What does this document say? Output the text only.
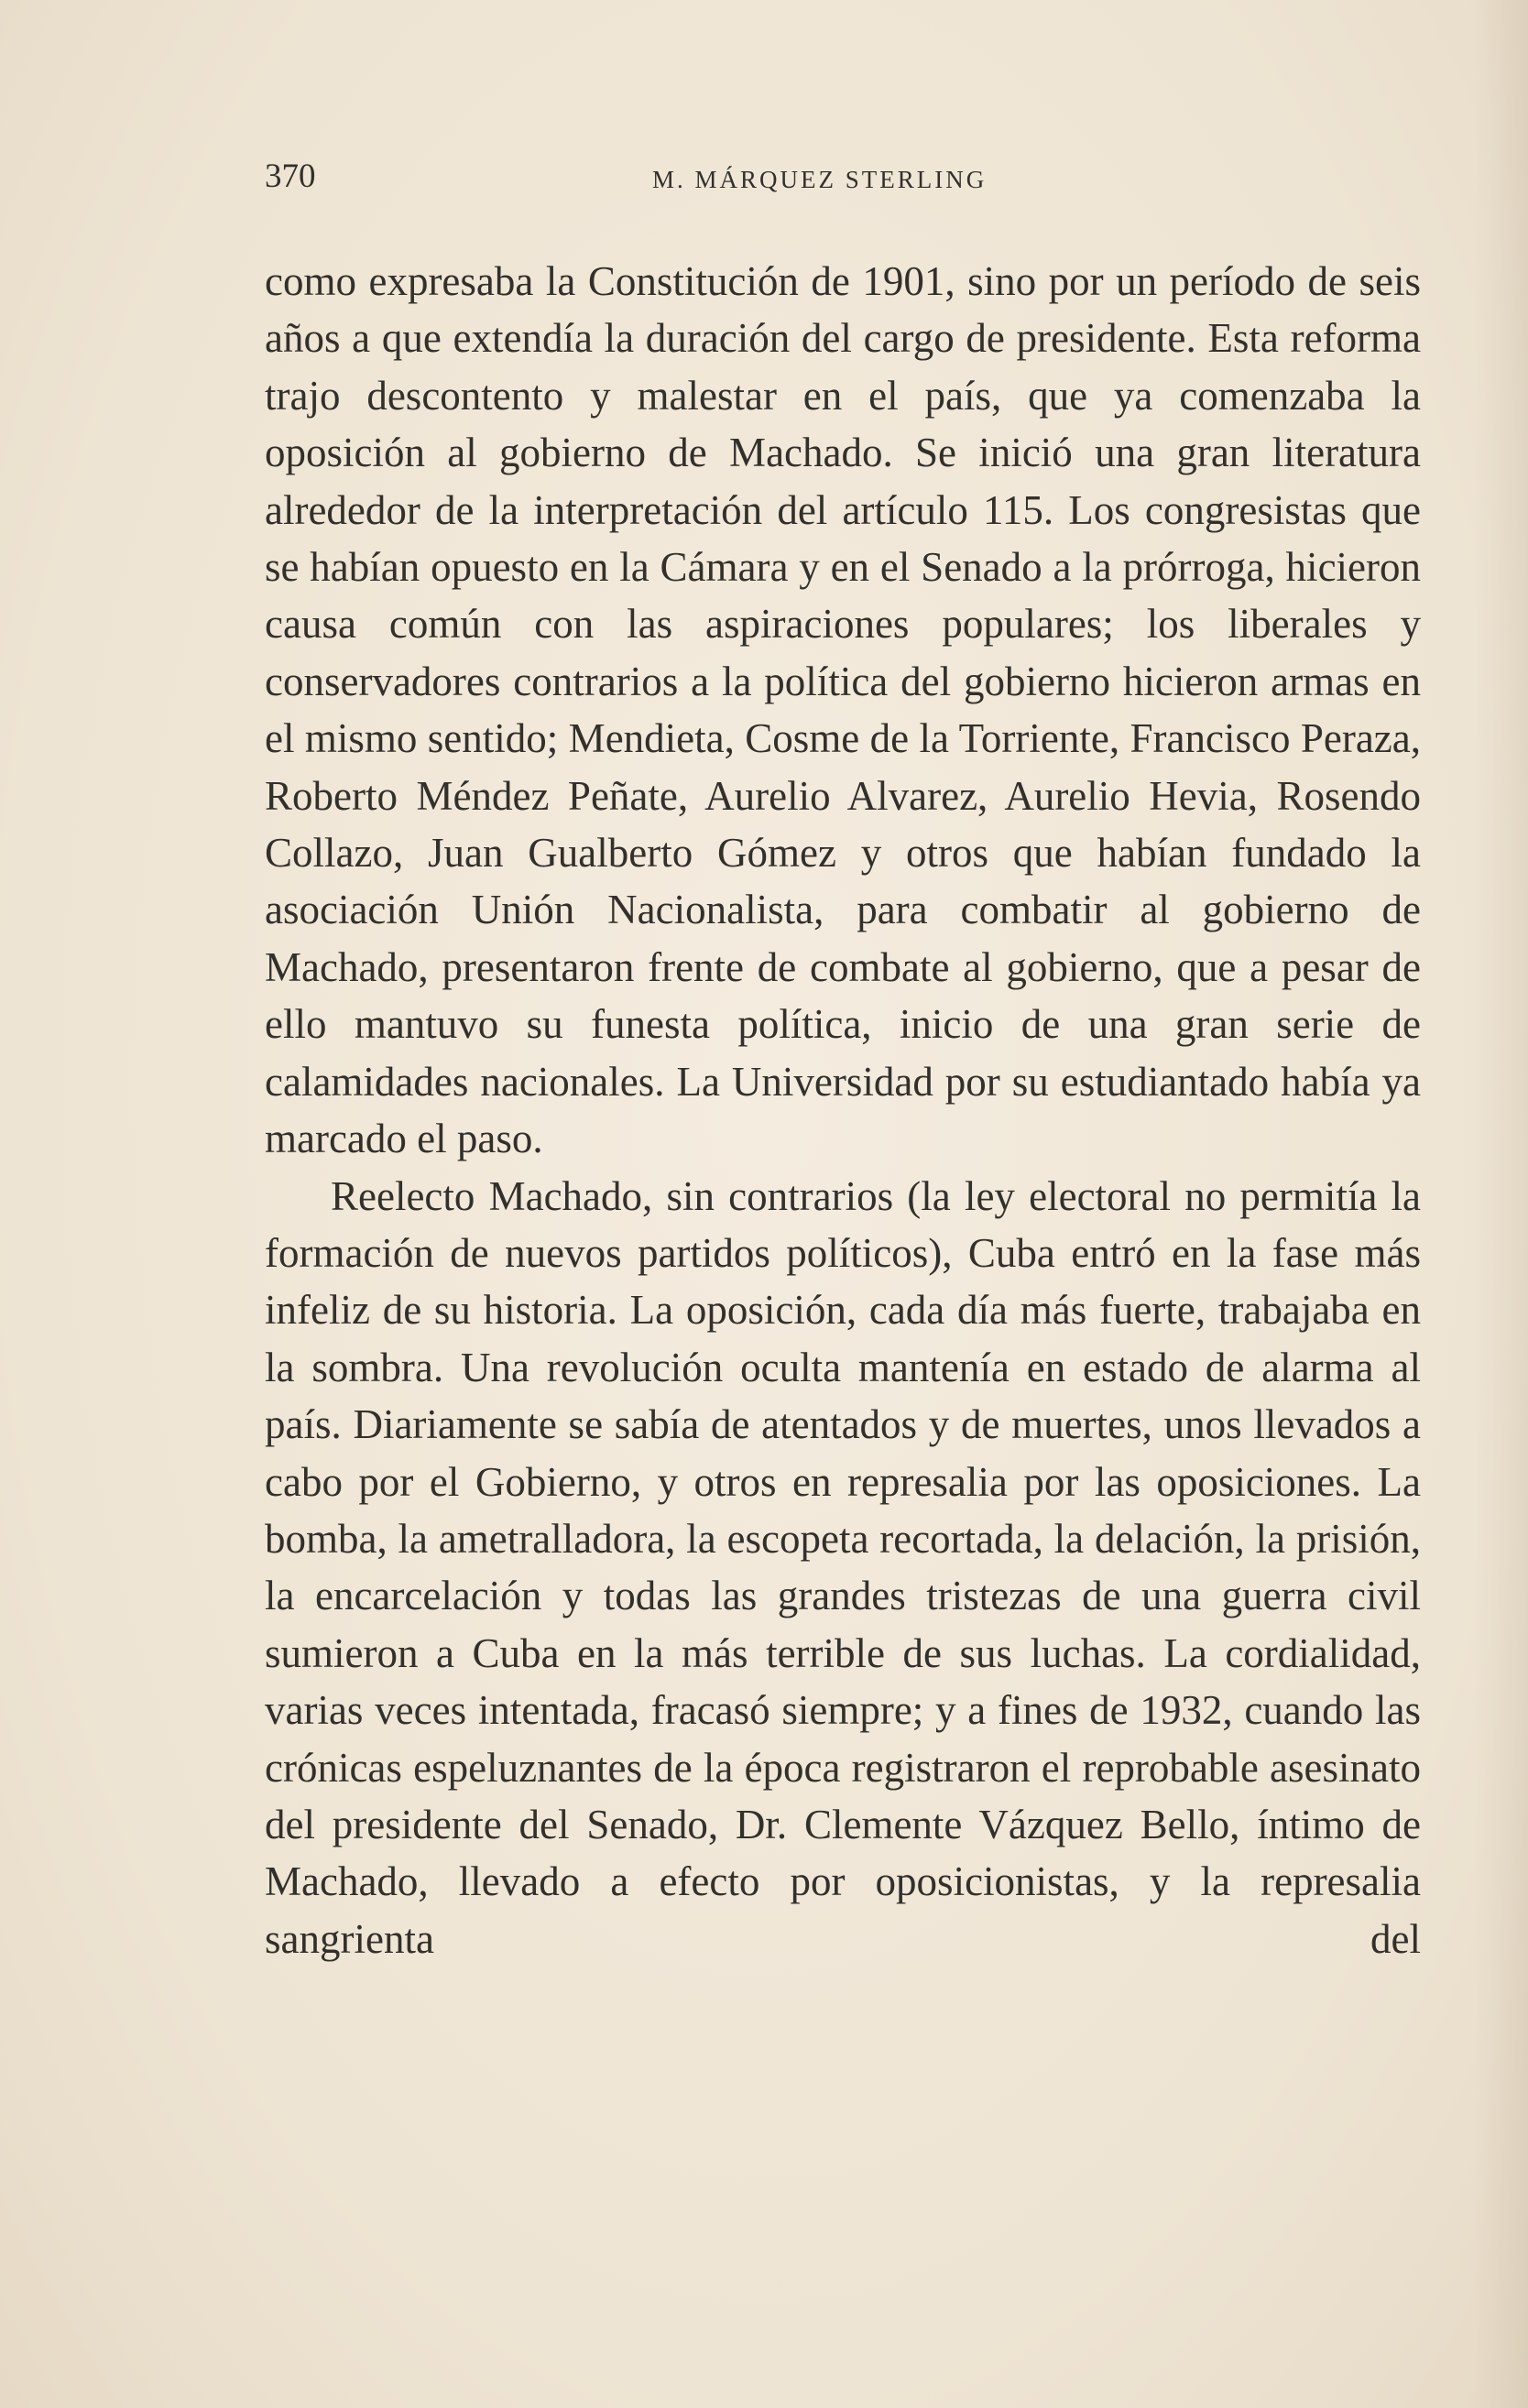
370	M. MÁRQUEZ STERLING

como expresaba la Constitución de 1901, sino por un período de seis años a que extendía la duración del cargo de presidente. Esta reforma trajo descontento y malestar en el país, que ya comenzaba la oposición al gobierno de Machado. Se inició una gran literatura alrededor de la interpretación del artículo 115. Los congresistas que se habían opuesto en la Cámara y en el Senado a la prórroga, hicieron causa común con las aspiraciones populares; los liberales y conservadores contrarios a la política del gobierno hicieron armas en el mismo sentido; Mendieta, Cosme de la Torriente, Francisco Peraza, Roberto Méndez Peñate, Aurelio Alvarez, Aurelio Hevia, Rosendo Collazo, Juan Gualberto Gómez y otros que habían fundado la asociación Unión Nacionalista, para combatir al gobierno de Machado, presentaron frente de combate al gobierno, que a pesar de ello mantuvo su funesta política, inicio de una gran serie de calamidades nacionales. La Universidad por su estudiantado había ya marcado el paso.

Reelecto Machado, sin contrarios (la ley electoral no permitía la formación de nuevos partidos políticos), Cuba entró en la fase más infeliz de su historia. La oposición, cada día más fuerte, trabajaba en la sombra. Una revolución oculta mantenía en estado de alarma al país. Diariamente se sabía de atentados y de muertes, unos llevados a cabo por el Gobierno, y otros en represalia por las oposiciones. La bomba, la ametralladora, la escopeta recortada, la delación, la prisión, la encarcelación y todas las grandes tristezas de una guerra civil sumieron a Cuba en la más terrible de sus luchas. La cordialidad, varias veces intentada, fracasó siempre; y a fines de 1932, cuando las crónicas espeluznantes de la época registraron el reprobable asesinato del presidente del Senado, Dr. Clemente Vázquez Bello, íntimo de Machado, llevado a efecto por oposicionistas, y la represalia sangrienta del
